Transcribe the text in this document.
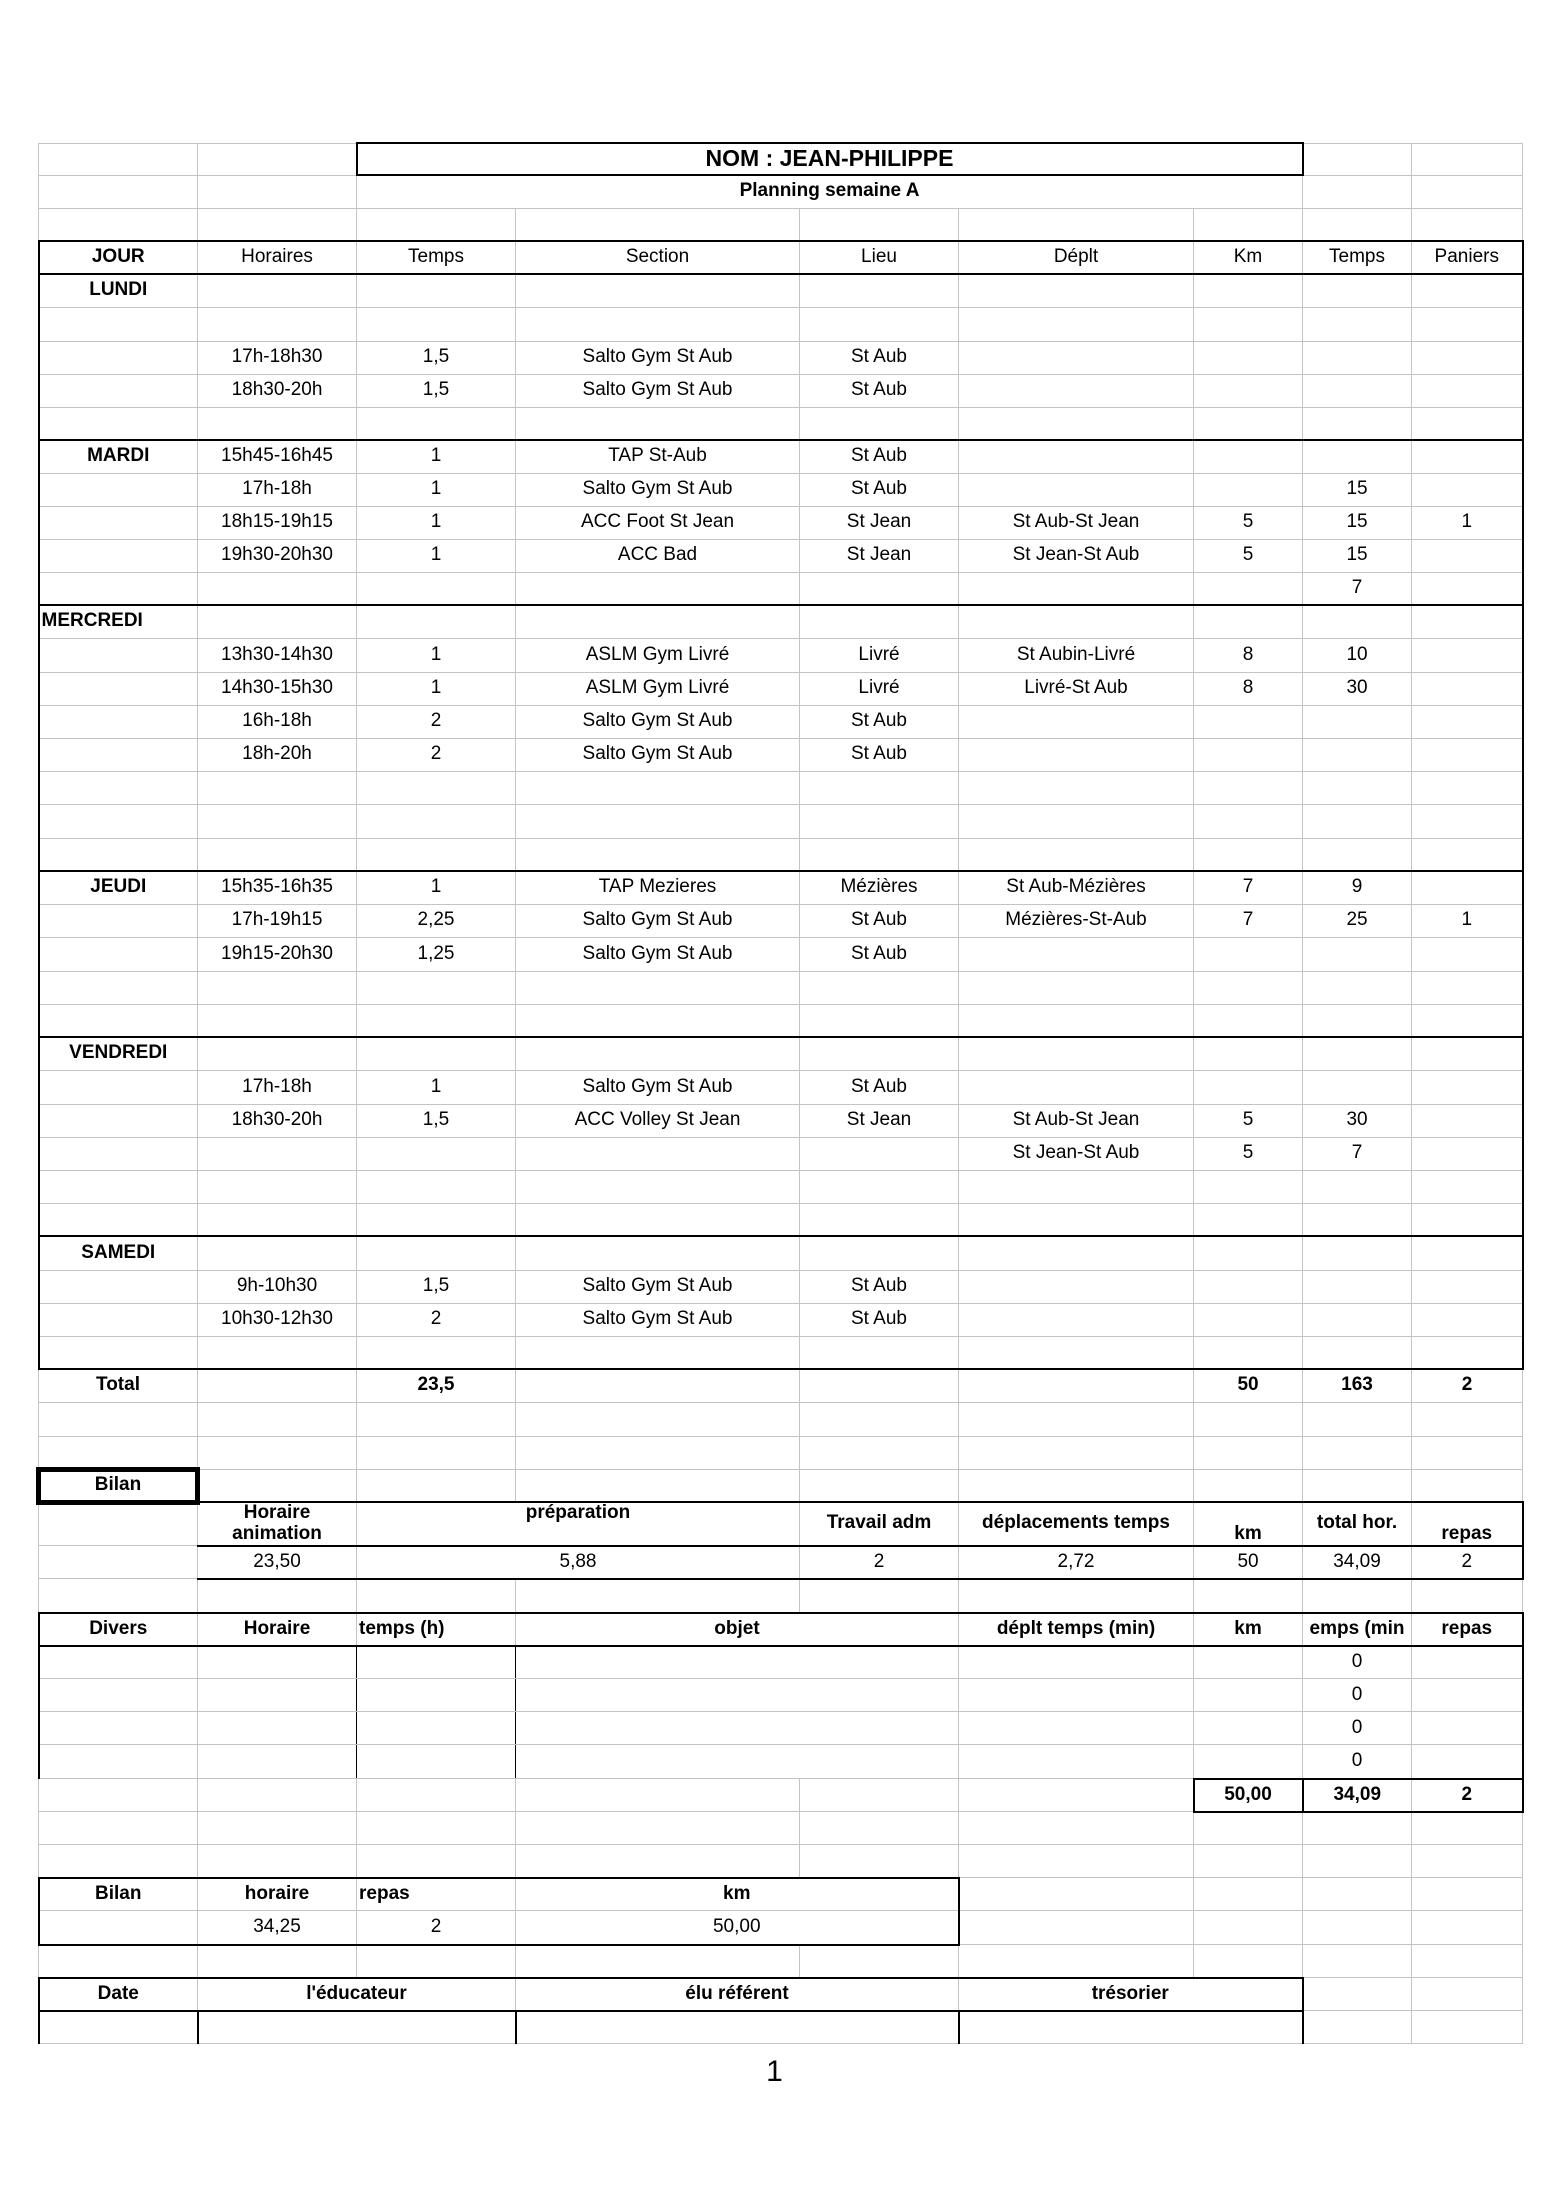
		NOM : JEAN-PHILIPPE						
		Planning semaine A						

JOUR	Horaires	Temps	Section	Lieu	Déplt	Km	Temps	Paniers
LUNDI								

	17h-18h30	1,5	Salto Gym St Aub	St Aub				
	18h30-20h	1,5	Salto Gym St Aub	St Aub				

MARDI	15h45-16h45	1	TAP St-Aub	St Aub				
	17h-18h	1	Salto Gym St Aub	St Aub			15	
	18h15-19h15	1	ACC Foot St Jean	St Jean	St Aub-St Jean	5	15	1
	19h30-20h30	1	ACC Bad	St Jean	St Jean-St Aub	5	15	
							7	
MERCREDI								
	13h30-14h30	1	ASLM Gym Livré	Livré	St Aubin-Livré	8	10	
	14h30-15h30	1	ASLM Gym Livré	Livré	Livré-St Aub	8	30	
	16h-18h	2	Salto Gym St Aub	St Aub				
	18h-20h	2	Salto Gym St Aub	St Aub				

JEUDI	15h35-16h35	1	TAP Mezieres	Mézières	St Aub-Mézières	7	9	
	17h-19h15	2,25	Salto Gym St Aub	St Aub	Mézières-St-Aub	7	25	1
	19h15-20h30	1,25	Salto Gym St Aub	St Aub				

VENDREDI								
	17h-18h	1	Salto Gym St Aub	St Aub				
	18h30-20h	1,5	ACC Volley St Jean	St Jean	St Aub-St Jean	5	30	
					St Jean-St Aub	5	7	

SAMEDI								
	9h-10h30	1,5	Salto Gym St Aub	St Aub				
	10h30-12h30	2	Salto Gym St Aub	St Aub				

Total		23,5				50	163	2

Bilan								
	Horaire animation	préparation		Travail adm	déplacements temps	km	total hor.	repas
	23,50	5,88		2	2,72	50	34,09	2

Divers	Horaire	temps (h)	objet		déplt temps (min)	km	emps (min	repas
							0	
							0	
							0	
							0	
						50,00	34,09	2

Bilan	horaire	repas	km					
	34,25	2	50,00					

Date	l'éducateur		élu référent		trésorier			

1
